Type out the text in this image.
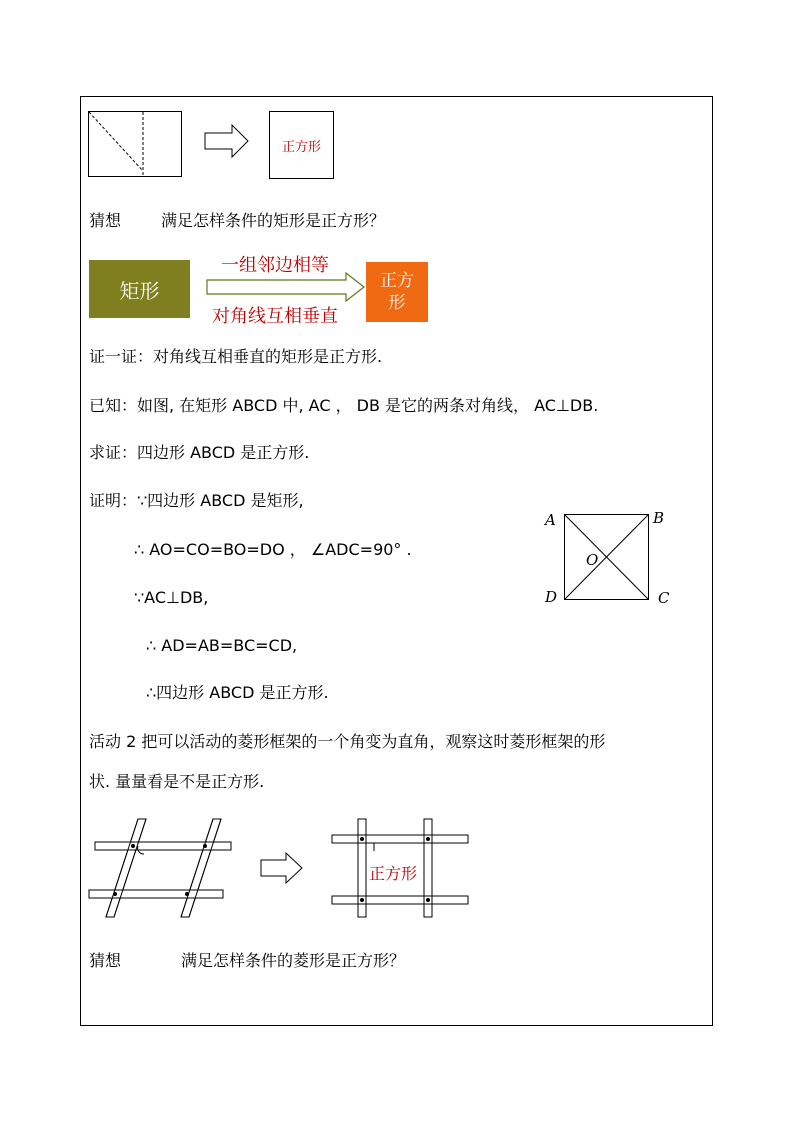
正方形
猜想 满足怎样条件的矩形是正方形？
矩形
一组邻边相等
对角线互相垂直
正方
形
证一证：对角线互相垂直的矩形是正方形.
已知：如图, 在矩形 ABCD 中, AC ， DB 是它的两条对角线， AC⊥DB.
求证：四边形 ABCD 是正方形.
证明：∵四边形 ABCD 是矩形,
∴ AO=CO=BO=DO ， ∠ADC=90° .
∵AC⊥DB,
∴ AD=AB=BC=CD,
∴四边形 ABCD 是正方形.
A	B
C
D
O
活动 2 把可以活动的菱形框架的一个角变为直角，观察这时菱形框架的形
状. 量量看是不是正方形.
正方形
猜想	满足怎样条件的菱形是正方形？
